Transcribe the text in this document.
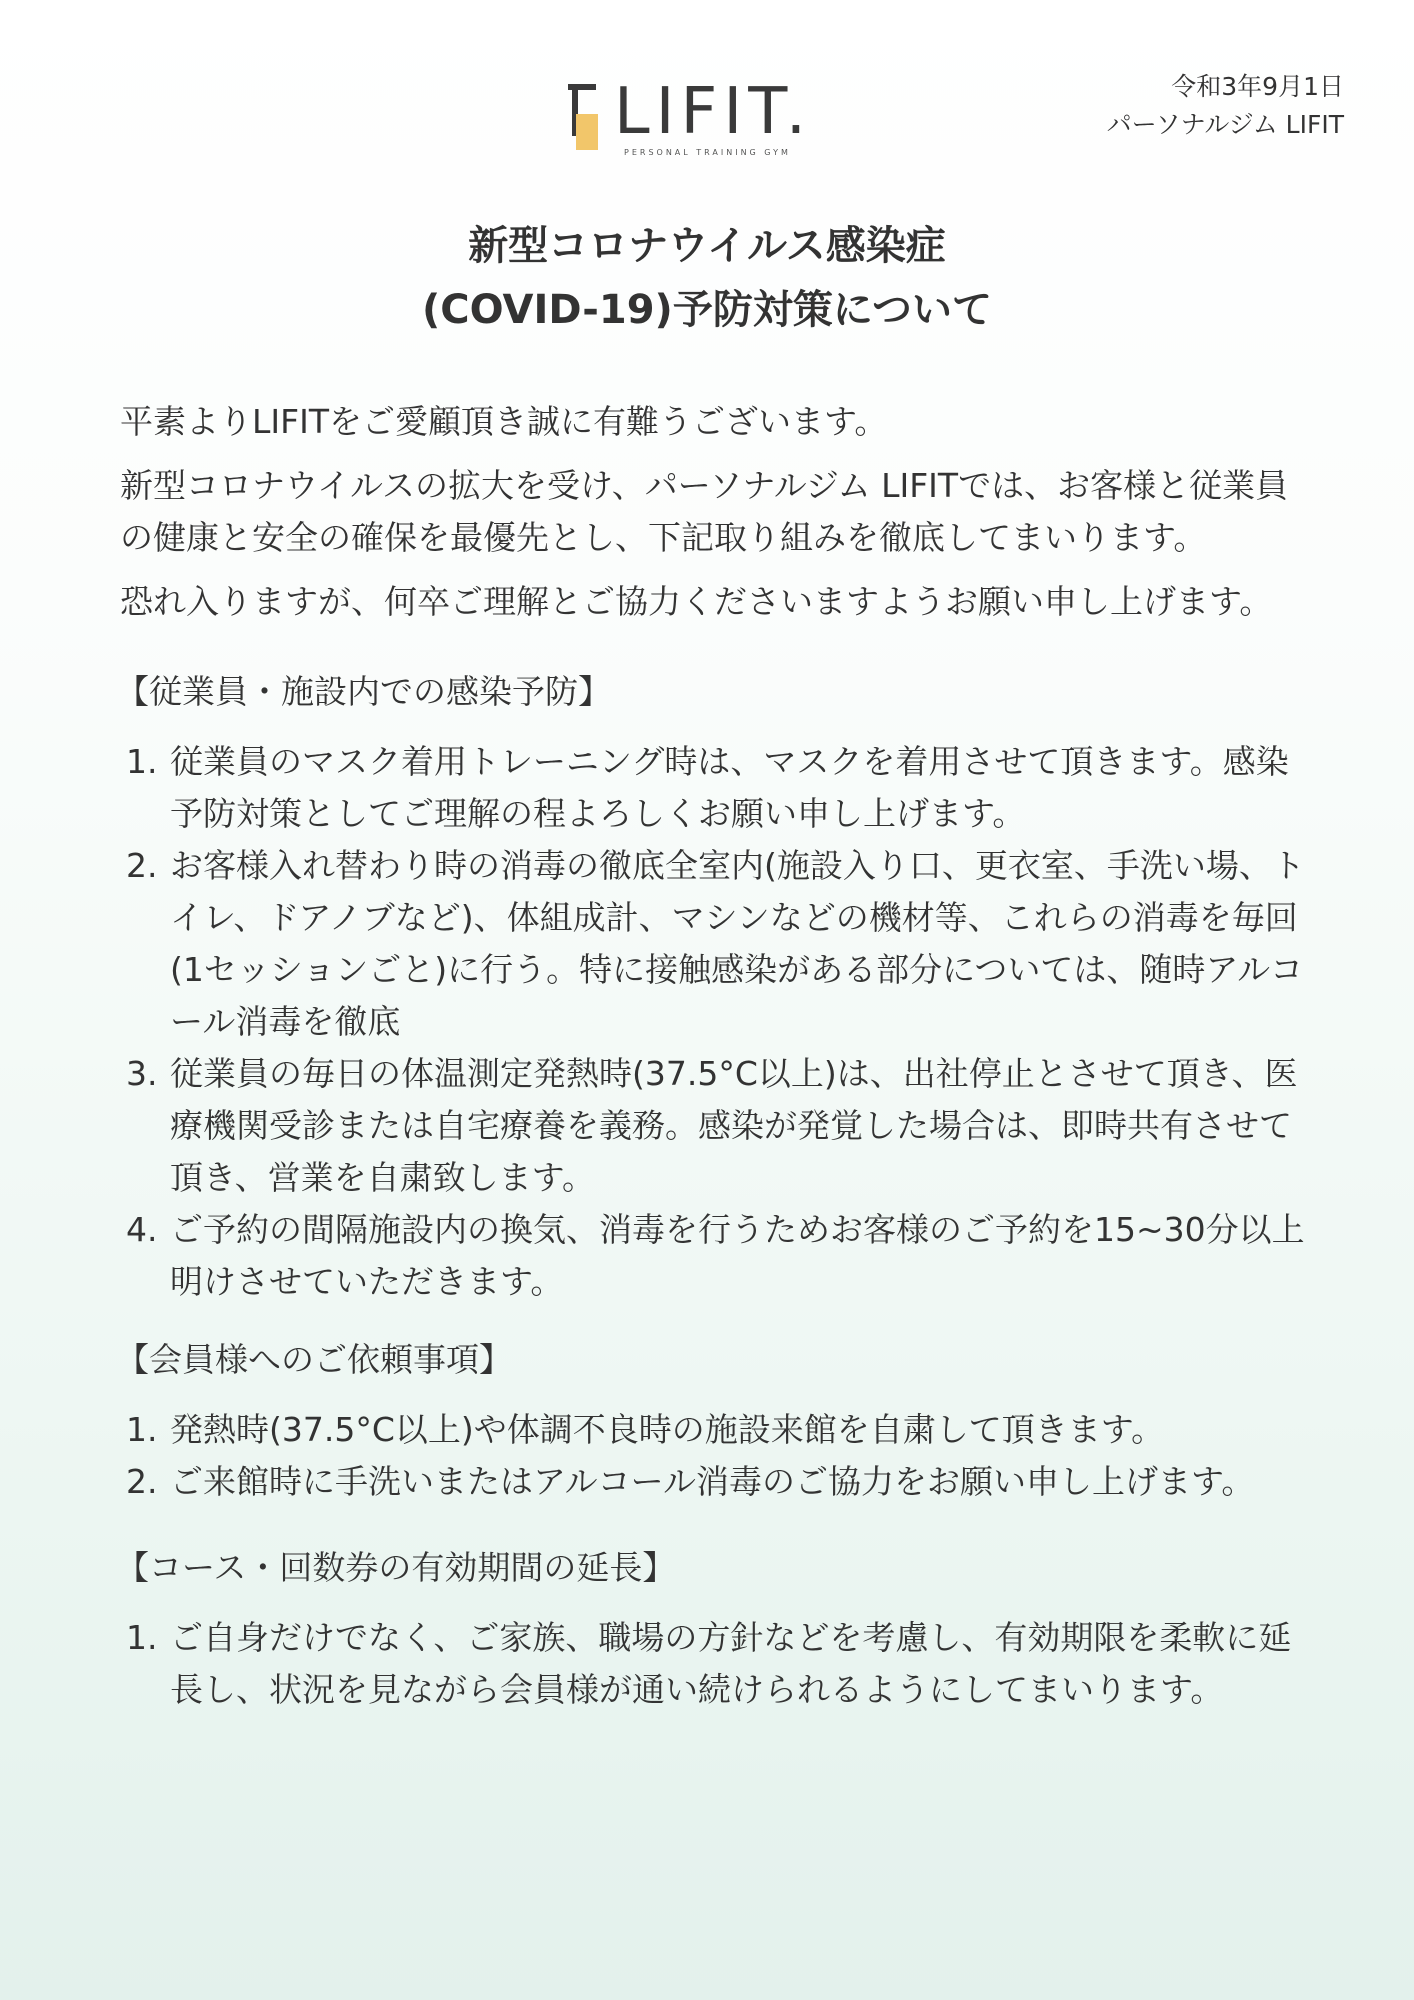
LIFIT.
PERSONAL TRAINING GYM
令和3年9月1日
パーソナルジム LIFIT
新型コロナウイルス感染症
(COVID-19)予防対策について

平素よりLIFITをご愛顧頂き誠に有難うございます。

新型コロナウイルスの拡大を受け、パーソナルジム LIFITでは、お客様と従業員の健康と安全の確保を最優先とし、下記取り組みを徹底してまいります。

恐れ入りますが、何卒ご理解とご協力くださいますようお願い申し上げます。

【従業員・施設内での感染予防】
1. 従業員のマスク着用トレーニング時は、マスクを着用させて頂きます。感染予防対策としてご理解の程よろしくお願い申し上げます。
2. お客様入れ替わり時の消毒の徹底全室内(施設入り口、更衣室、手洗い場、トイレ、ドアノブなど)、体組成計、マシンなどの機材等、これらの消毒を毎回(1セッションごと)に行う。特に接触感染がある部分については、随時アルコール消毒を徹底
3. 従業員の毎日の体温測定発熱時(37.5°C以上)は、出社停止とさせて頂き、医療機関受診または自宅療養を義務。感染が発覚した場合は、即時共有させて頂き、営業を自粛致します。
4. ご予約の間隔施設内の換気、消毒を行うためお客様のご予約を15~30分以上明けさせていただきます。
【会員様へのご依頼事項】
1. 発熱時(37.5°C以上)や体調不良時の施設来館を自粛して頂きます。
2. ご来館時に手洗いまたはアルコール消毒のご協力をお願い申し上げます。
【コース・回数券の有効期間の延長】
1. ご自身だけでなく、ご家族、職場の方針などを考慮し、有効期限を柔軟に延長し、状況を見ながら会員様が通い続けられるようにしてまいります。
